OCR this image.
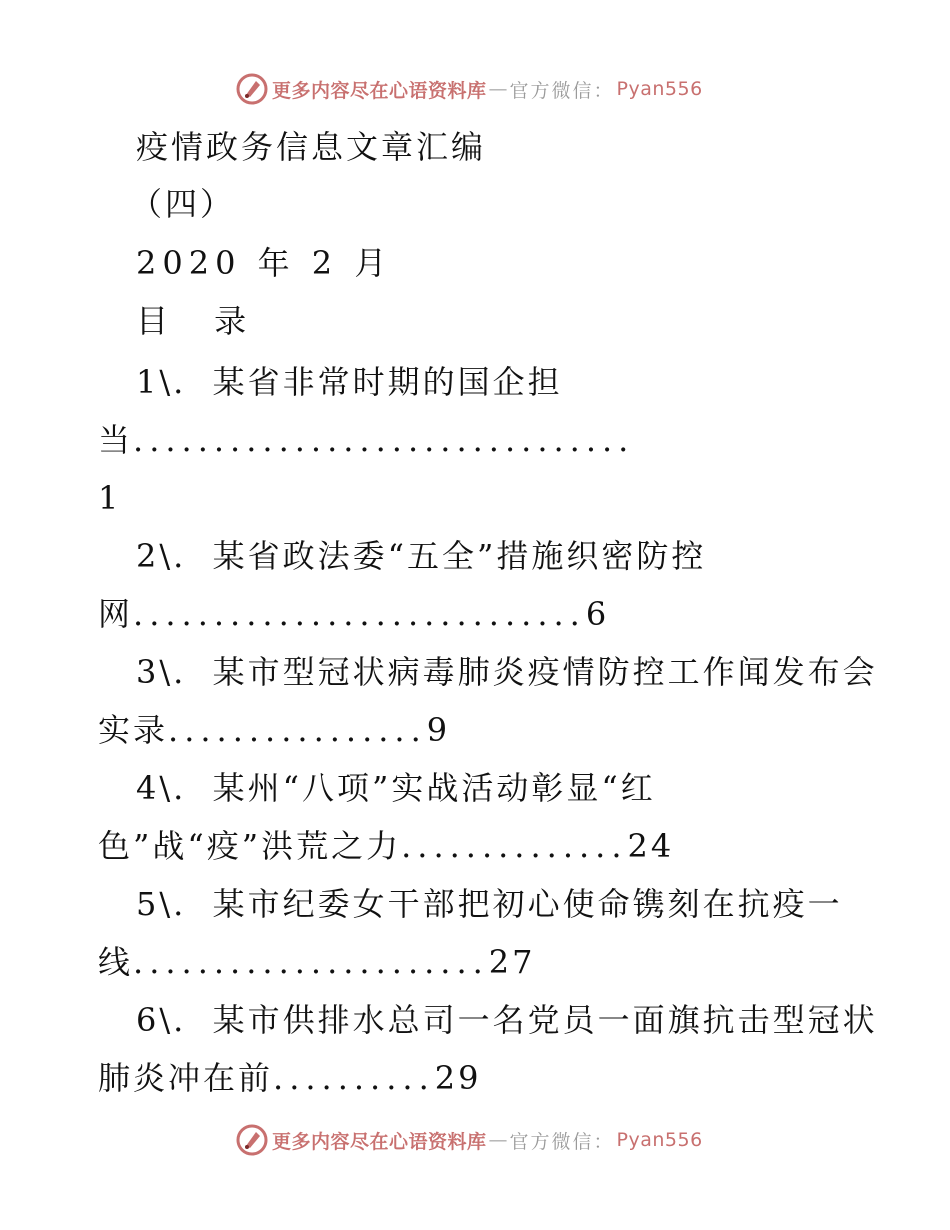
更多内容尽在心语资料库 — 官方微信： Pyan556
疫情政务信息文章汇编
（四）
2020 年 2 月
目 录
1\. 某省非常时期的国企担
当...............................
1
2\. 某省政法委“五全”措施织密防控
网............................6
3\. 某市型冠状病毒肺炎疫情防控工作闻发布会
实录................9
4\. 某州“八项”实战活动彰显“红
色”战“疫”洪荒之力..............24
5\. 某市纪委女干部把初心使命镌刻在抗疫一
线......................27
6\. 某市供排水总司一名党员一面旗抗击型冠状
肺炎冲在前..........29
更多内容尽在心语资料库 — 官方微信： Pyan556
